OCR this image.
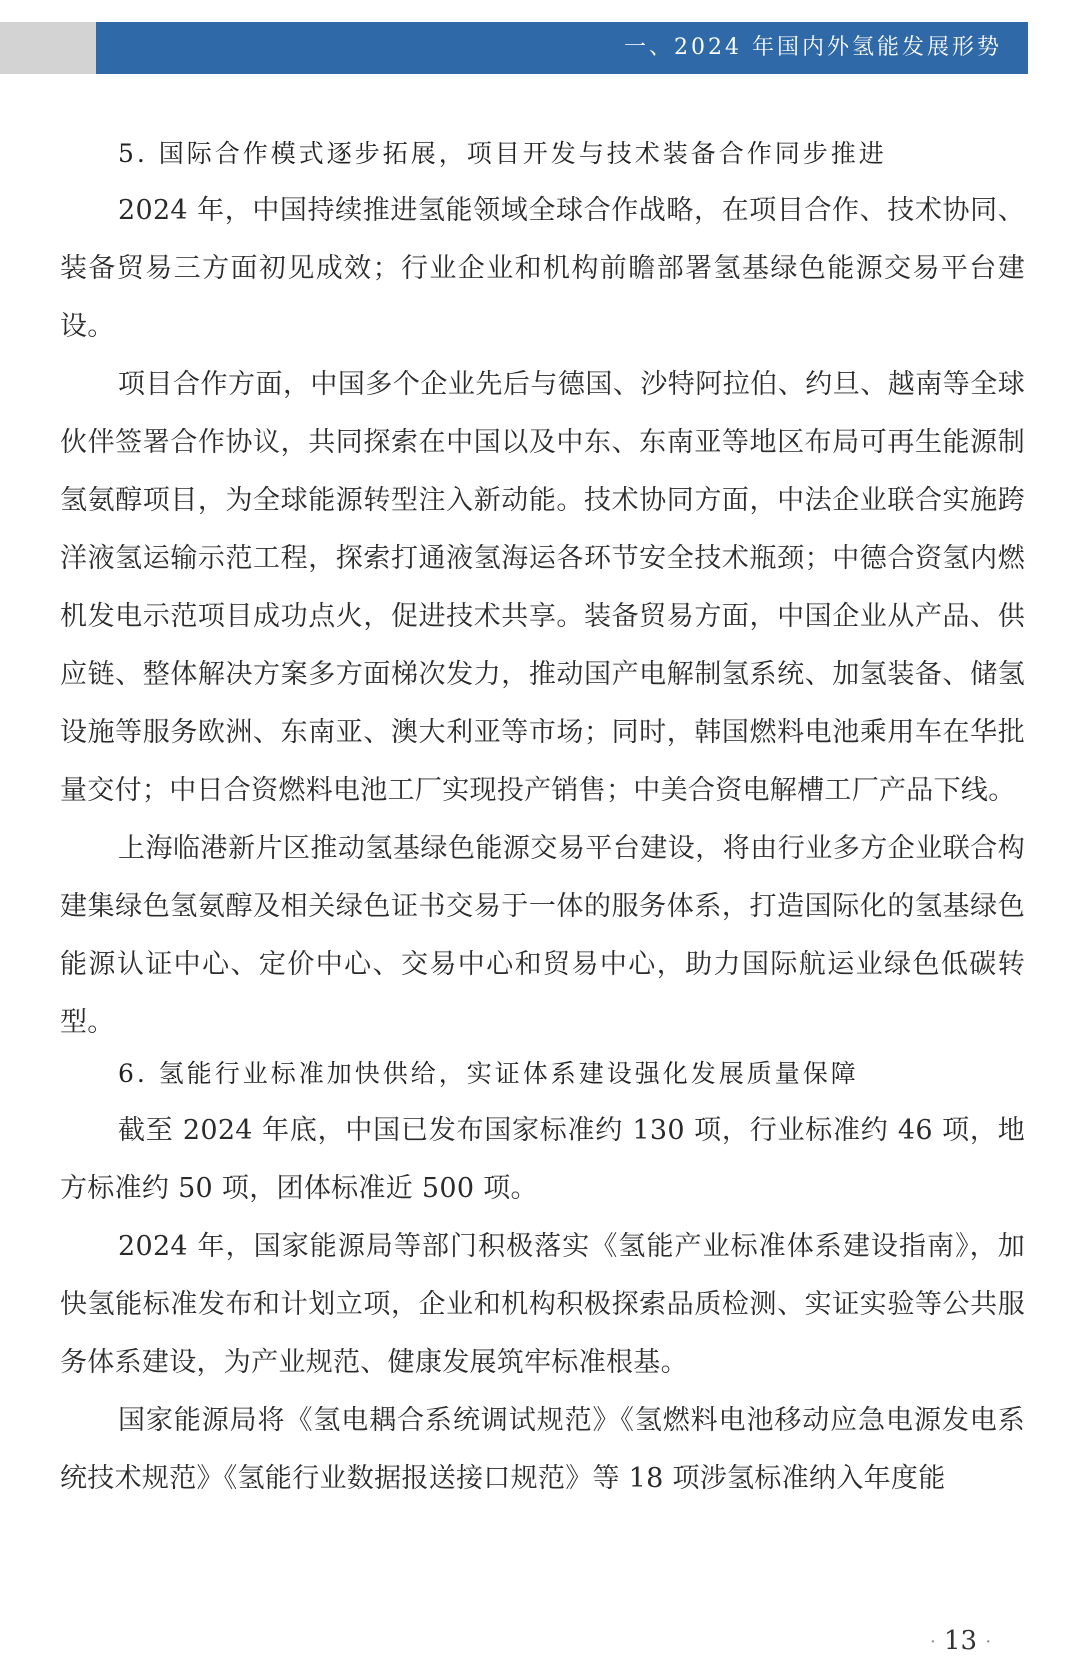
一、2024 年国内外氢能发展形势
5. 国际合作模式逐步拓展，项目开发与技术装备合作同步推进

2024 年，中国持续推进氢能领域全球合作战略，在项目合作、技术协同、装备贸易三方面初见成效；行业企业和机构前瞻部署氢基绿色能源交易平台建设。

项目合作方面，中国多个企业先后与德国、沙特阿拉伯、约旦、越南等全球伙伴签署合作协议，共同探索在中国以及中东、东南亚等地区布局可再生能源制氢氨醇项目，为全球能源转型注入新动能。技术协同方面，中法企业联合实施跨洋液氢运输示范工程，探索打通液氢海运各环节安全技术瓶颈；中德合资氢内燃机发电示范项目成功点火，促进技术共享。装备贸易方面，中国企业从产品、供应链、整体解决方案多方面梯次发力，推动国产电解制氢系统、加氢装备、储氢设施等服务欧洲、东南亚、澳大利亚等市场；同时，韩国燃料电池乘用车在华批量交付；中日合资燃料电池工厂实现投产销售；中美合资电解槽工厂产品下线。

上海临港新片区推动氢基绿色能源交易平台建设，将由行业多方企业联合构建集绿色氢氨醇及相关绿色证书交易于一体的服务体系，打造国际化的氢基绿色能源认证中心、定价中心、交易中心和贸易中心，助力国际航运业绿色低碳转型。

6. 氢能行业标准加快供给，实证体系建设强化发展质量保障

截至 2024 年底，中国已发布国家标准约 130 项，行业标准约 46 项，地方标准约 50 项，团体标准近 500 项。

2024 年，国家能源局等部门积极落实《氢能产业标准体系建设指南》，加快氢能标准发布和计划立项，企业和机构积极探索品质检测、实证实验等公共服务体系建设，为产业规范、健康发展筑牢标准根基。

国家能源局将《氢电耦合系统调试规范》《氢燃料电池移动应急电源发电系统技术规范》《氢能行业数据报送接口规范》等 18 项涉氢标准纳入年度能

· 13 ·
